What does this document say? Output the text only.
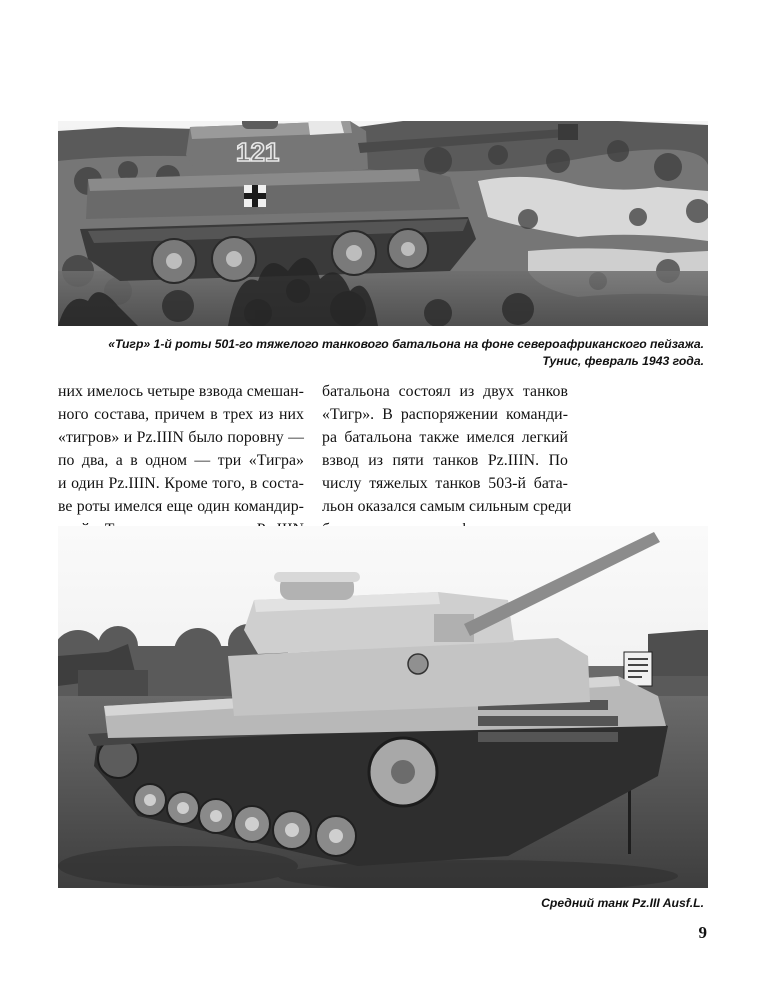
121
«Тигр» 1-й роты 501-го тяжелого танкового батальона на фоне североафриканского пейзажа.
Тунис, февраль 1943 года.
них имелось четыре взвода смешан-
ного состава, причем в трех из них
«тигров» и Pz.IIIN было поровну —
по два, а в одном — три «Тигра»
и один Pz.IIIN. Кроме того, в соста-
ве роты имелся еще один командир-
батальона состоял из двух танков
«Тигр». В распоряжении команди-
ра батальона также имелся легкий
взвод из пяти танков Pz.IIIN. По
числу тяжелых танков 503-й бата-
льон оказался самым сильным среди
Средний танк Pz.III Ausf.L.
9
